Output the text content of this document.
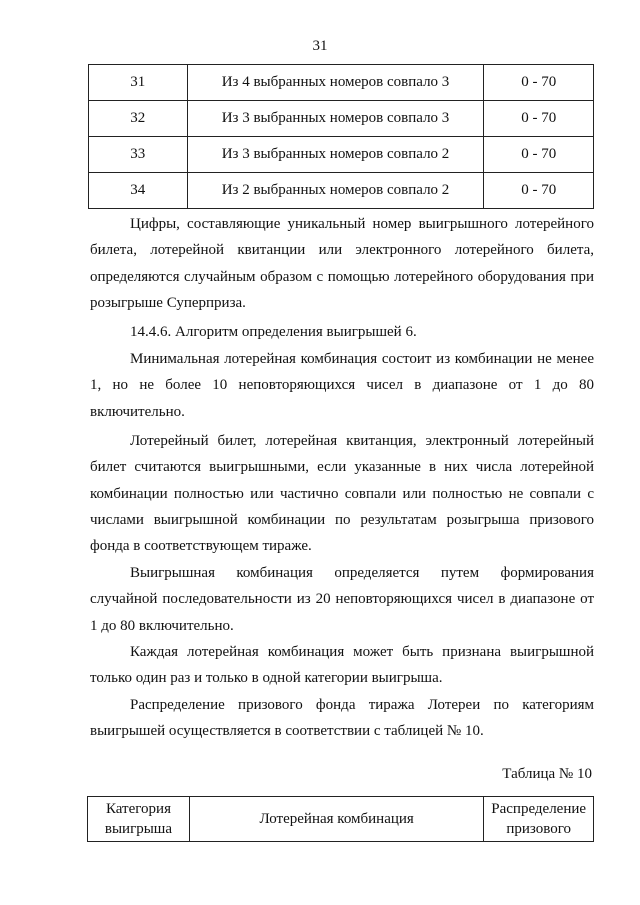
31
31	Из 4 выбранных номеров совпало 3	0 - 70
32	Из 3 выбранных номеров совпало 3	0 - 70
33	Из 3 выбранных номеров совпало 2	0 - 70
34	Из 2 выбранных номеров совпало 2	0 - 70

Цифры, составляющие уникальный номер выигрышного лотерейного билета, лотерейной квитанции или электронного лотерейного билета, определяются случайным образом с помощью лотерейного оборудования при розыгрыше Суперприза.

14.4.6. Алгоритм определения выигрышей 6.

Минимальная лотерейная комбинация состоит из комбинации не менее 1, но не более 10 неповторяющихся чисел в диапазоне от 1 до 80 включительно.

Лотерейный билет, лотерейная квитанция, электронный лотерейный билет считаются выигрышными, если указанные в них числа лотерейной комбинации полностью или частично совпали или полностью не совпали с числами выигрышной комбинации по результатам розыгрыша призового фонда в соответствующем тираже.

Выигрышная комбинация определяется путем формирования случайной последовательности из 20 неповторяющихся чисел в диапазоне от 1 до 80 включительно.

Каждая лотерейная комбинация может быть признана выигрышной только один раз и только в одной категории выигрыша.

Распределение призового фонда тиража Лотереи по категориям выигрышей осуществляется в соответствии с таблицей № 10.

Таблица № 10
Категория выигрыша	Лотерейная комбинация	Распределение призового
